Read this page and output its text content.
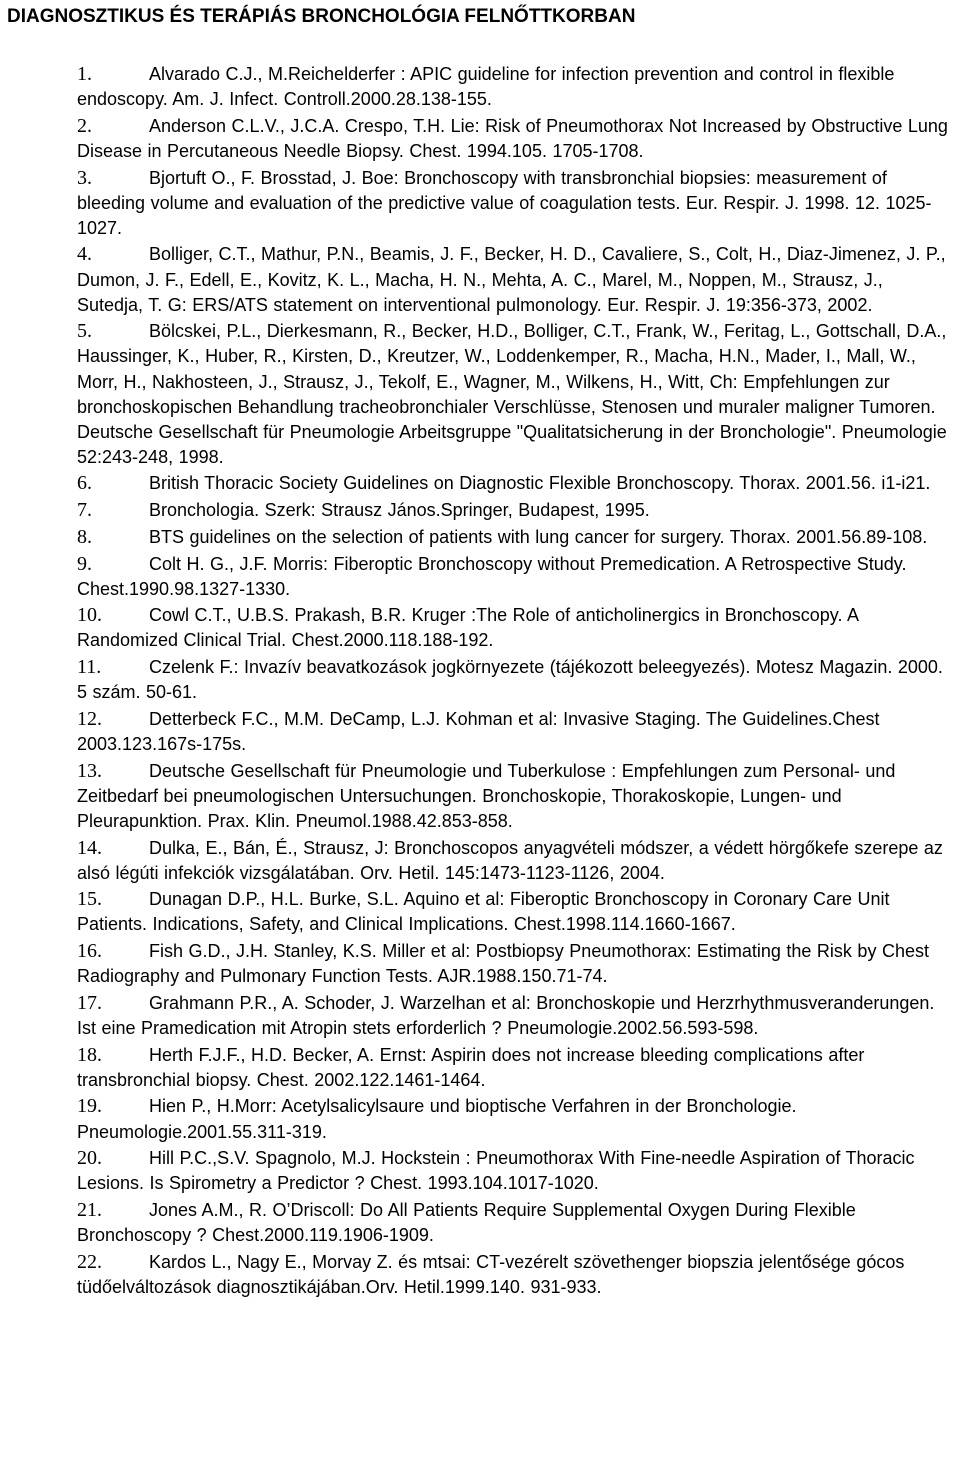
DIAGNOSZTIKUS ÉS TERÁPIÁS BRONCHOLÓGIA FELNŐTTKORBAN
1.	Alvarado C.J., M.Reichelderfer : APIC guideline for infection prevention and control in flexible endoscopy. Am. J. Infect. Controll.2000.28.138-155.
2.	Anderson C.L.V., J.C.A. Crespo, T.H. Lie: Risk of Pneumothorax Not Increased by Obstructive Lung Disease in Percutaneous Needle Biopsy. Chest. 1994.105. 1705-1708.
3.	Bjortuft O., F. Brosstad, J. Boe: Bronchoscopy with transbronchial biopsies: measurement of bleeding volume and evaluation of the predictive value of coagulation tests. Eur. Respir. J. 1998. 12. 1025-1027.
4.	Bolliger, C.T., Mathur, P.N., Beamis, J. F., Becker, H. D., Cavaliere, S., Colt, H., Diaz-Jimenez, J. P., Dumon, J. F., Edell, E., Kovitz, K. L., Macha, H. N., Mehta, A. C., Marel, M., Noppen, M., Strausz, J., Sutedja, T. G: ERS/ATS statement on interventional pulmonology. Eur. Respir. J. 19:356-373, 2002.
5.	Bölcskei, P.L., Dierkesmann, R., Becker, H.D., Bolliger, C.T., Frank, W., Feritag, L., Gottschall, D.A., Haussinger, K., Huber, R., Kirsten, D., Kreutzer, W., Loddenkemper, R., Macha, H.N., Mader, I., Mall, W., Morr, H., Nakhosteen, J., Strausz, J., Tekolf, E., Wagner, M., Wilkens, H., Witt, Ch: Empfehlungen zur bronchoskopischen Behandlung tracheobronchialer Verschlüsse, Stenosen und muraler maligner Tumoren. Deutsche Gesellschaft für Pneumologie Arbeitsgruppe "Qualitatsicherung in der Bronchologie". Pneumologie 52:243-248, 1998.
6.	British Thoracic Society Guidelines on Diagnostic Flexible Bronchoscopy. Thorax. 2001.56. i1-i21.
7.	Bronchologia. Szerk: Strausz János.Springer, Budapest, 1995.
8.	BTS guidelines on the selection of patients with lung cancer for surgery. Thorax. 2001.56.89-108.
9.	Colt H. G., J.F. Morris: Fiberoptic Bronchoscopy without Premedication. A Retrospective Study. Chest.1990.98.1327-1330.
10.	Cowl C.T., U.B.S. Prakash, B.R. Kruger :The Role of anticholinergics in Bronchoscopy. A Randomized Clinical Trial. Chest.2000.118.188-192.
11.	Czelenk F.: Invazív beavatkozások jogkörnyezete (tájékozott beleegyezés). Motesz Magazin. 2000. 5 szám. 50-61.
12.	Detterbeck F.C., M.M. DeCamp, L.J. Kohman et al: Invasive Staging. The Guidelines.Chest 2003.123.167s-175s.
13.	Deutsche Gesellschaft für Pneumologie und Tuberkulose : Empfehlungen zum Personal- und Zeitbedarf bei pneumologischen Untersuchungen. Bronchoskopie, Thorakoskopie, Lungen- und Pleurapunktion. Prax. Klin. Pneumol.1988.42.853-858.
14.	Dulka, E., Bán, É., Strausz, J: Bronchoscopos anyagvételi módszer, a védett hörgőkefe szerepe az alsó légúti infekciók vizsgálatában. Orv. Hetil. 145:1473-1123-1126, 2004.
15.	Dunagan D.P., H.L. Burke, S.L. Aquino et al: Fiberoptic Bronchoscopy in Coronary Care Unit Patients. Indications, Safety, and Clinical Implications. Chest.1998.114.1660-1667.
16.	Fish G.D., J.H. Stanley, K.S. Miller et al: Postbiopsy Pneumothorax: Estimating the Risk by Chest Radiography and Pulmonary Function Tests. AJR.1988.150.71-74.
17.	Grahmann P.R., A. Schoder, J. Warzelhan et al: Bronchoskopie und Herzrhythmusveranderungen. Ist eine Pramedication mit Atropin stets erforderlich ? Pneumologie.2002.56.593-598.
18.	Herth F.J.F., H.D. Becker, A. Ernst: Aspirin does not increase bleeding complications after transbronchial biopsy. Chest. 2002.122.1461-1464.
19.	Hien P., H.Morr: Acetylsalicylsaure und bioptische Verfahren in der Bronchologie. Pneumologie.2001.55.311-319.
20.	Hill P.C.,S.V. Spagnolo, M.J. Hockstein : Pneumothorax With Fine-needle Aspiration of Thoracic Lesions. Is Spirometry a Predictor ? Chest. 1993.104.1017-1020.
21.	Jones A.M., R. O’Driscoll: Do All Patients Require Supplemental Oxygen During Flexible Bronchoscopy ? Chest.2000.119.1906-1909.
22.	Kardos L., Nagy E., Morvay Z. és mtsai: CT-vezérelt szövethenger biopszia jelentősége gócos tüdőelváltozások diagnosztikájában.Orv. Hetil.1999.140. 931-933.
